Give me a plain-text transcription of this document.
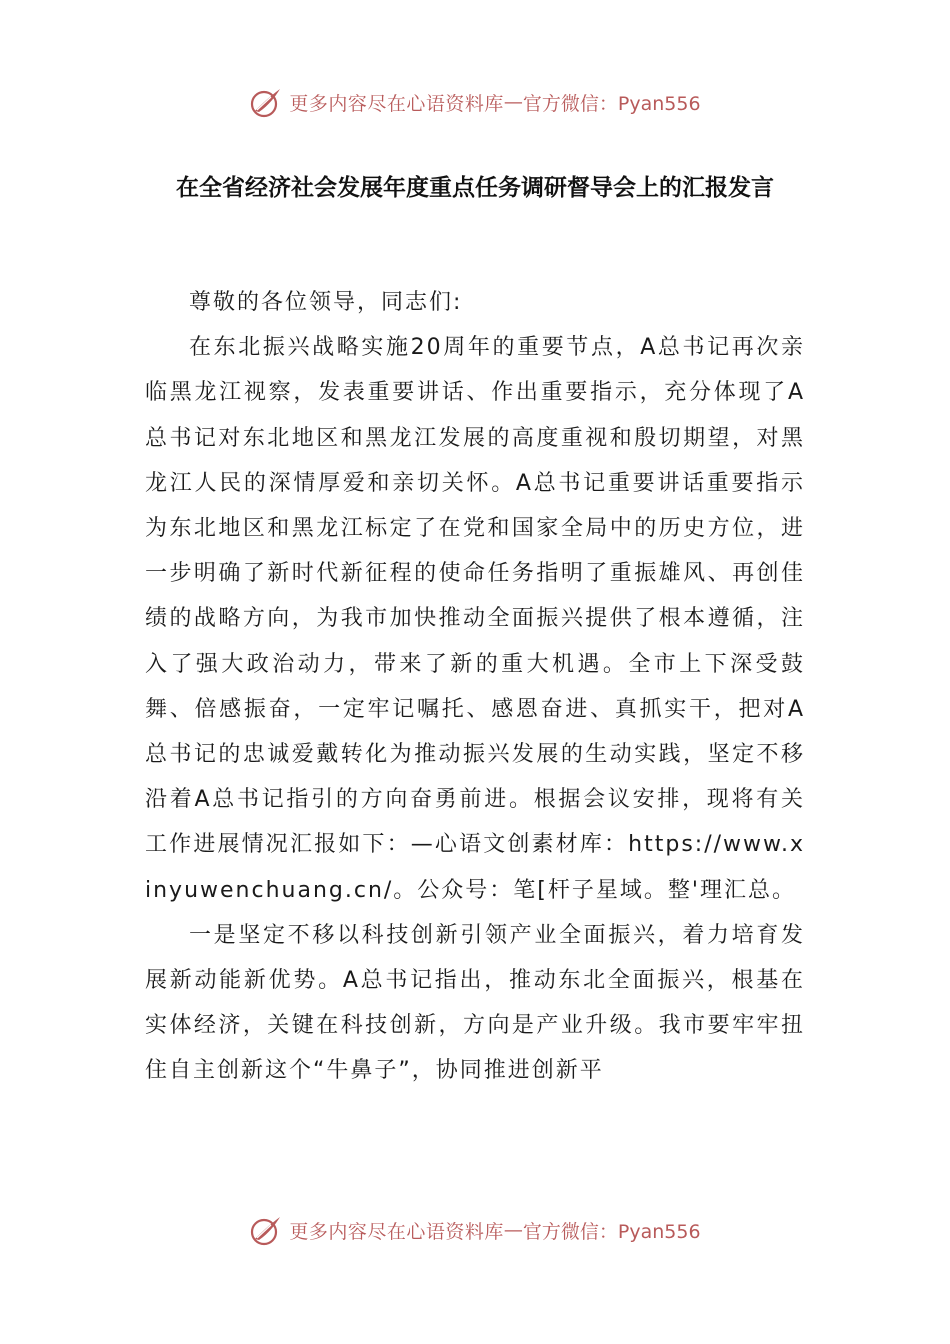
更多内容尽在心语资料库 — 官方微信：Pyan556
在全省经济社会发展年度重点任务调研督导会上的汇报发言

尊敬的各位领导，同志们:

在东北振兴战略实施20周年的重要节点，A总书记再次亲临黑龙江视察，发表重要讲话、作出重要指示，充分体现了A总书记对东北地区和黑龙江发展的高度重视和殷切期望，对黑龙江人民的深情厚爱和亲切关怀。A总书记重要讲话重要指示为东北地区和黑龙江标定了在党和国家全局中的历史方位，进一步明确了新时代新征程的使命任务指明了重振雄风、再创佳绩的战略方向，为我市加快推动全面振兴提供了根本遵循，注入了强大政治动力，带来了新的重大机遇。全市上下深受鼓舞、倍感振奋，一定牢记嘱托、感恩奋进、真抓实干，把对A总书记的忠诚爱戴转化为推动振兴发展的生动实践，坚定不移沿着A总书记指引的方向奋勇前进。根据会议安排，现将有关工作进展情况汇报如下：—心语文创素材库：https://www.xinyuwenchuang.cn/。公众号：笔[杆子星域。整'理汇总。

一是坚定不移以科技创新引领产业全面振兴，着力培育发展新动能新优势。A总书记指出，推动东北全面振兴，根基在实体经济，关键在科技创新，方向是产业升级。我市要牢牢扭住自主创新这个“牛鼻子”，协同推进创新平

更多内容尽在心语资料库 — 官方微信：Pyan556
